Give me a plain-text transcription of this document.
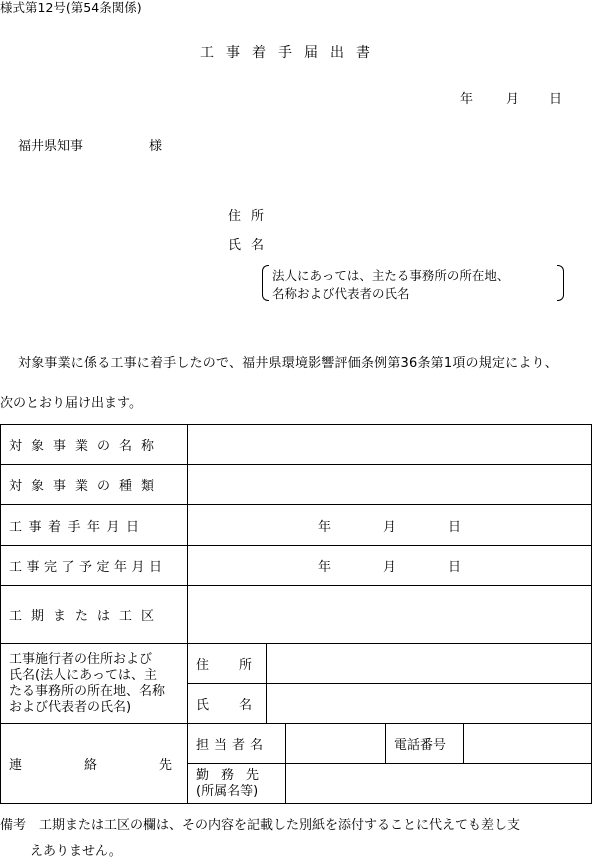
様式第12号(第54条関係)
工事着手届出書
年	月 日
福井県知事	様
住所
氏名
法人にあっては、主たる事務所の所在地、
名称および代表者の氏名
対象事業に係る工事に着手したので、福井県環境影響評価条例第36条第1項の規定により、
次のとおり届け出ます。
対象事業の名称					
対象事業の種類					
工事着手年月日	年 月 日				

工事完了予定年月日	年 月 日				

工期または工区					

工事施行者の住所および
氏名(法人にあっては、主
たる事務所の所在地、名称
および代表者の氏名)	住所				
	氏名				
連絡先	担当者名			電話番号	

	勤務先
(所属名等)				

備考　工期または工区の欄は、その内容を記載した別紙を添付することに代えても差し支
えありません。
